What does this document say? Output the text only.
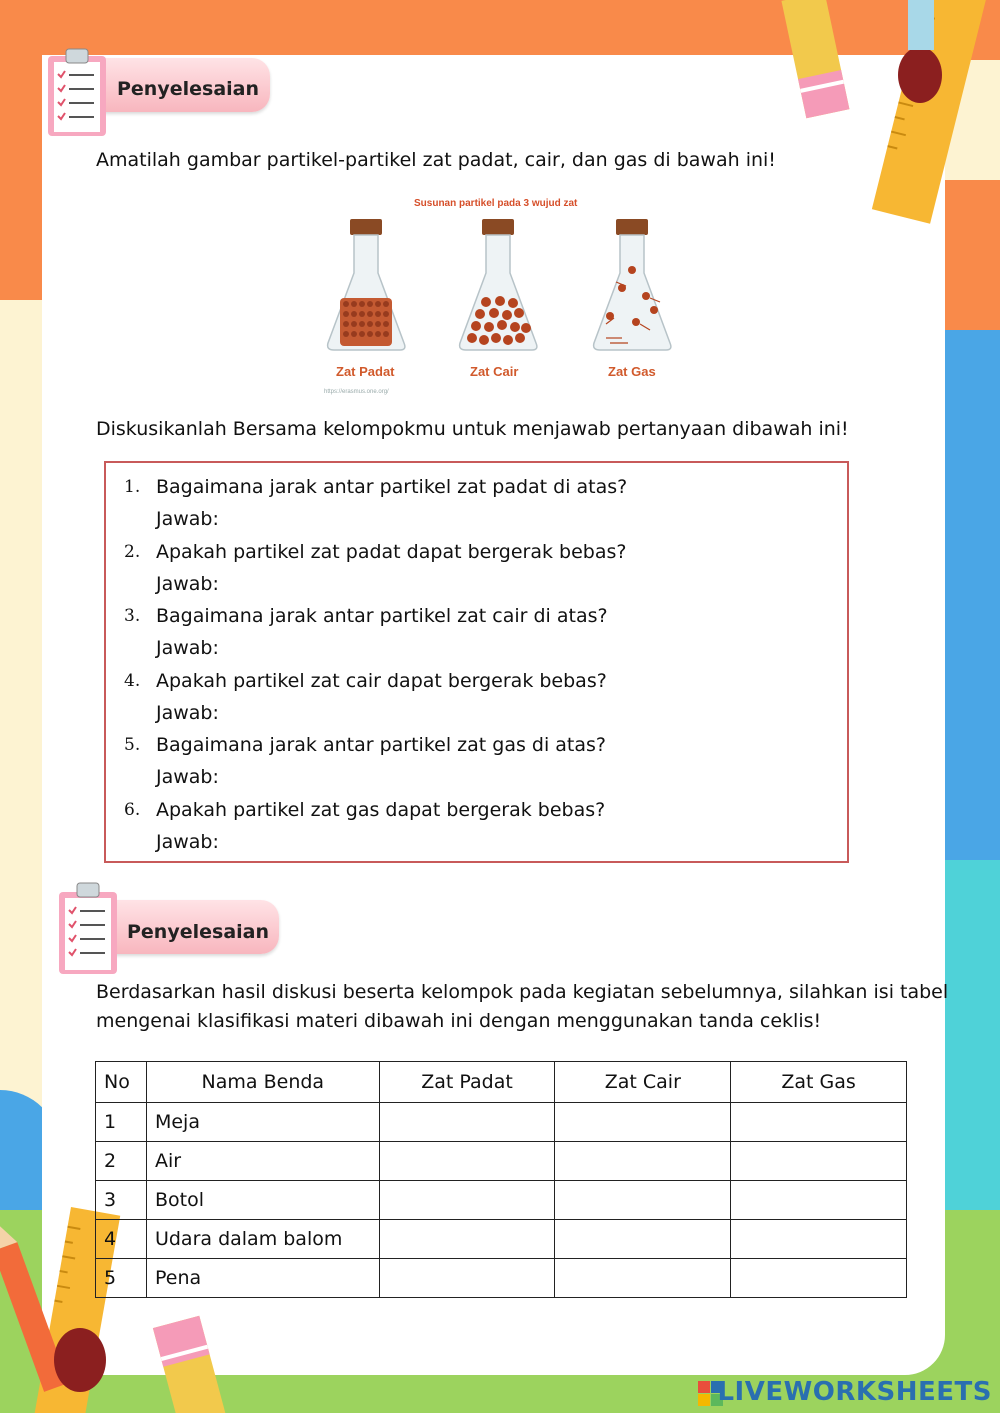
Penyelesaian
Amatilah gambar partikel-partikel zat padat, cair, dan gas di bawah ini!
Susunan partikel pada 3 wujud zat
Zat Padat	Zat Cair	Zat Gas
https://erasmus.one.org/
Diskusikanlah Bersama kelompokmu untuk menjawab pertanyaan dibawah ini!
1. Bagaimana jarak antar partikel zat padat di atas?
Jawab:
2. Apakah partikel zat padat dapat bergerak bebas?
Jawab:
3. Bagaimana jarak antar partikel zat cair di atas?
Jawab:
4. Apakah partikel zat cair dapat bergerak bebas?
Jawab:
5. Bagaimana jarak antar partikel zat gas di atas?
Jawab:
6. Apakah partikel zat gas dapat bergerak bebas?
Jawab:
Penyelesaian
Berdasarkan hasil diskusi beserta kelompok pada kegiatan sebelumnya, silahkan isi tabel
mengenai klasifikasi materi dibawah ini dengan menggunakan tanda ceklis!
No	Nama Benda	Zat Padat	Zat Cair	Zat Gas
1	Meja			
2	Air			
3	Botol			
4	Udara dalam balom			
5	Pena			
LIVEWORKSHEETS
